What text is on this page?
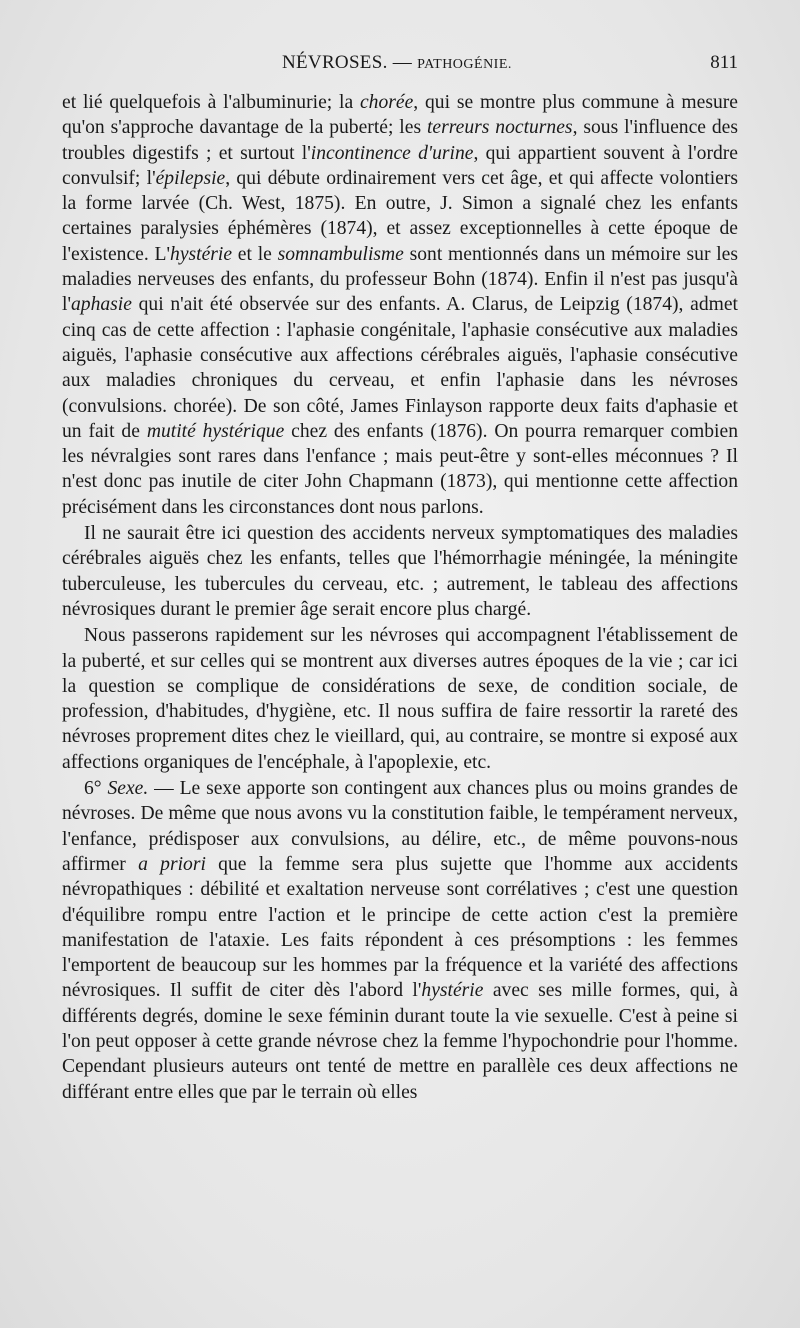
NÉVROSES. — PATHOGÉNIE.	811

et lié quelquefois à l'albuminurie; la chorée, qui se montre plus commune à mesure qu'on s'approche davantage de la puberté; les terreurs nocturnes, sous l'influence des troubles digestifs ; et surtout l'incontinence d'urine, qui appartient souvent à l'ordre convulsif; l'épilepsie, qui débute ordinairement vers cet âge, et qui affecte volontiers la forme larvée (Ch. West, 1875). En outre, J. Simon a signalé chez les enfants certaines paralysies éphémères (1874), et assez exceptionnelles à cette époque de l'existence. L'hystérie et le somnambulisme sont mentionnés dans un mémoire sur les maladies nerveuses des enfants, du professeur Bohn (1874). Enfin il n'est pas jusqu'à l'aphasie qui n'ait été observée sur des enfants. A. Clarus, de Leipzig (1874), admet cinq cas de cette affection : l'aphasie congénitale, l'aphasie consécutive aux maladies aiguës, l'aphasie consécutive aux affections cérébrales aiguës, l'aphasie consécutive aux maladies chroniques du cerveau, et enfin l'aphasie dans les névroses (convulsions. chorée). De son côté, James Finlayson rapporte deux faits d'aphasie et un fait de mutité hystérique chez des enfants (1876). On pourra remarquer combien les névralgies sont rares dans l'enfance ; mais peut-être y sont-elles méconnues ? Il n'est donc pas inutile de citer John Chapmann (1873), qui mentionne cette affection précisément dans les circonstances dont nous parlons.

Il ne saurait être ici question des accidents nerveux symptomatiques des maladies cérébrales aiguës chez les enfants, telles que l'hémorrhagie méningée, la méningite tuberculeuse, les tubercules du cerveau, etc. ; autrement, le tableau des affections névrosiques durant le premier âge serait encore plus chargé.

Nous passerons rapidement sur les névroses qui accompagnent l'établissement de la puberté, et sur celles qui se montrent aux diverses autres époques de la vie ; car ici la question se complique de considérations de sexe, de condition sociale, de profession, d'habitudes, d'hygiène, etc. Il nous suffira de faire ressortir la rareté des névroses proprement dites chez le vieillard, qui, au contraire, se montre si exposé aux affections organiques de l'encéphale, à l'apoplexie, etc.

6° Sexe. — Le sexe apporte son contingent aux chances plus ou moins grandes de névroses. De même que nous avons vu la constitution faible, le tempérament nerveux, l'enfance, prédisposer aux convulsions, au délire, etc., de même pouvons-nous affirmer a priori que la femme sera plus sujette que l'homme aux accidents névropathiques : débilité et exaltation nerveuse sont corrélatives ; c'est une question d'équilibre rompu entre l'action et le principe de cette action c'est la première manifestation de l'ataxie. Les faits répondent à ces présomptions : les femmes l'emportent de beaucoup sur les hommes par la fréquence et la variété des affections névrosiques. Il suffit de citer dès l'abord l'hystérie avec ses mille formes, qui, à différents degrés, domine le sexe féminin durant toute la vie sexuelle. C'est à peine si l'on peut opposer à cette grande névrose chez la femme l'hypochondrie pour l'homme. Cependant plusieurs auteurs ont tenté de mettre en parallèle ces deux affections ne différant entre elles que par le terrain où elles
